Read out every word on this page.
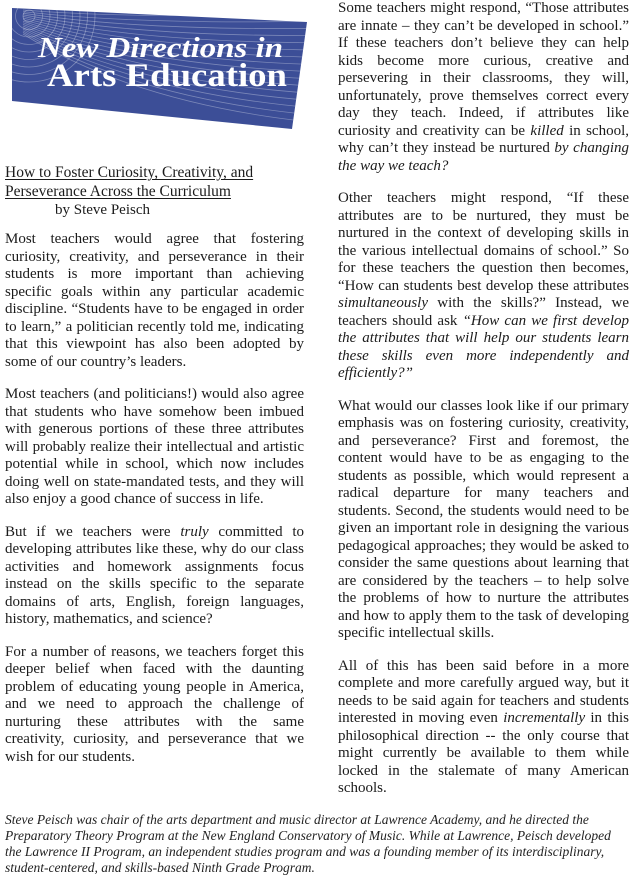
New Directions in
Arts Education
How to Foster Curiosity, Creativity, and
Perseverance Across the Curriculum
by Steve Peisch

Most teachers would agree that fostering curiosity, creativity, and perseverance in their students is more important than achieving specific goals within any particular academic discipline. “Students have to be engaged in order to learn,” a politician recently told me, indicating that this viewpoint has also been adopted by some of our country’s leaders.

Most teachers (and politicians!) would also agree that students who have somehow been imbued with generous portions of these three attributes will probably realize their intellectual and artistic potential while in school, which now includes doing well on state-mandated tests, and they will also enjoy a good chance of success in life.

But if we teachers were truly committed to developing attributes like these, why do our class activities and homework assignments focus instead on the skills specific to the separate domains of arts, English, foreign languages, history, mathematics, and science?

For a number of reasons, we teachers forget this deeper belief when faced with the daunting problem of educating young people in America, and we need to approach the challenge of nurturing these attributes with the same creativity, curiosity, and perseverance that we wish for our students.

Some teachers might respond, “Those attributes are innate – they can’t be developed in school.” If these teachers don’t believe they can help kids become more curious, creative and persevering in their classrooms, they will, unfortunately, prove themselves correct every day they teach. Indeed, if attributes like curiosity and creativity can be killed in school, why can’t they instead be nurtured by changing the way we teach?

Other teachers might respond, “If these attributes are to be nurtured, they must be nurtured in the context of developing skills in the various intellectual domains of school.” So for these teachers the question then becomes, “How can students best develop these attributes simultaneously with the skills?” Instead, we teachers should ask “How can we first develop the attributes that will help our students learn these skills even more independently and efficiently?”

What would our classes look like if our primary emphasis was on fostering curiosity, creativity, and perseverance? First and foremost, the content would have to be as engaging to the students as possible, which would represent a radical departure for many teachers and students. Second, the students would need to be given an important role in designing the various pedagogical approaches; they would be asked to consider the same questions about learning that are considered by the teachers – to help solve the problems of how to nurture the attributes and how to apply them to the task of developing specific intellectual skills.

All of this has been said before in a more complete and more carefully argued way, but it needs to be said again for teachers and students interested in moving even incrementally in this philosophical direction -- the only course that might currently be available to them while locked in the stalemate of many American schools.

Steve Peisch was chair of the arts department and music director at Lawrence Academy, and he directed the Preparatory Theory Program at the New England Conservatory of Music. While at Lawrence, Peisch developed the Lawrence II Program, an independent studies program and was a founding member of its interdisciplinary, student-centered, and skills-based Ninth Grade Program.
